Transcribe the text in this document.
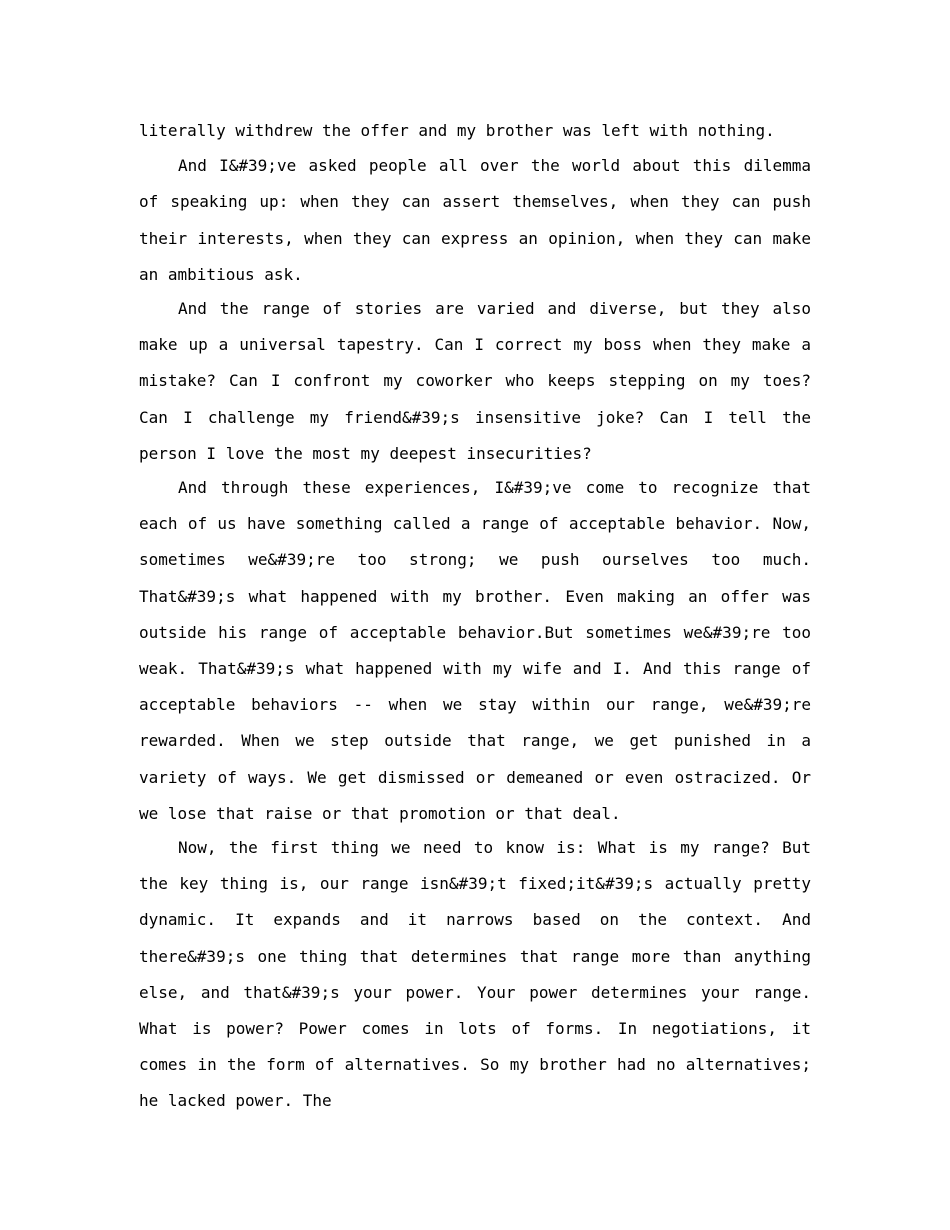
literally withdrew the offer and my brother was left with nothing.

And I&#39;ve asked people all over the world about this dilemma of speaking up: when they can assert themselves, when they can push their interests, when they can express an opinion, when they can make an ambitious ask.

And the range of stories are varied and diverse, but they also make up a universal tapestry. Can I correct my boss when they make a mistake? Can I confront my coworker who keeps stepping on my toes? Can I challenge my friend&#39;s insensitive joke? Can I tell the person I love the most my deepest insecurities?

And through these experiences, I&#39;ve come to recognize that each of us have something called a range of acceptable behavior. Now, sometimes we&#39;re too strong; we push ourselves too much. That&#39;s what happened with my brother. Even making an offer was outside his range of acceptable behavior.But sometimes we&#39;re too weak. That&#39;s what happened with my wife and I. And this range of acceptable behaviors -- when we stay within our range, we&#39;re rewarded. When we step outside that range, we get punished in a variety of ways. We get dismissed or demeaned or even ostracized. Or we lose that raise or that promotion or that deal.

Now, the first thing we need to know is: What is my range? But the key thing is, our range isn&#39;t fixed;it&#39;s actually pretty dynamic. It expands and it narrows based on the context. And there&#39;s one thing that determines that range more than anything else, and that&#39;s your power. Your power determines your range. What is power? Power comes in lots of forms. In negotiations, it comes in the form of alternatives. So my brother had no alternatives; he lacked power. The
